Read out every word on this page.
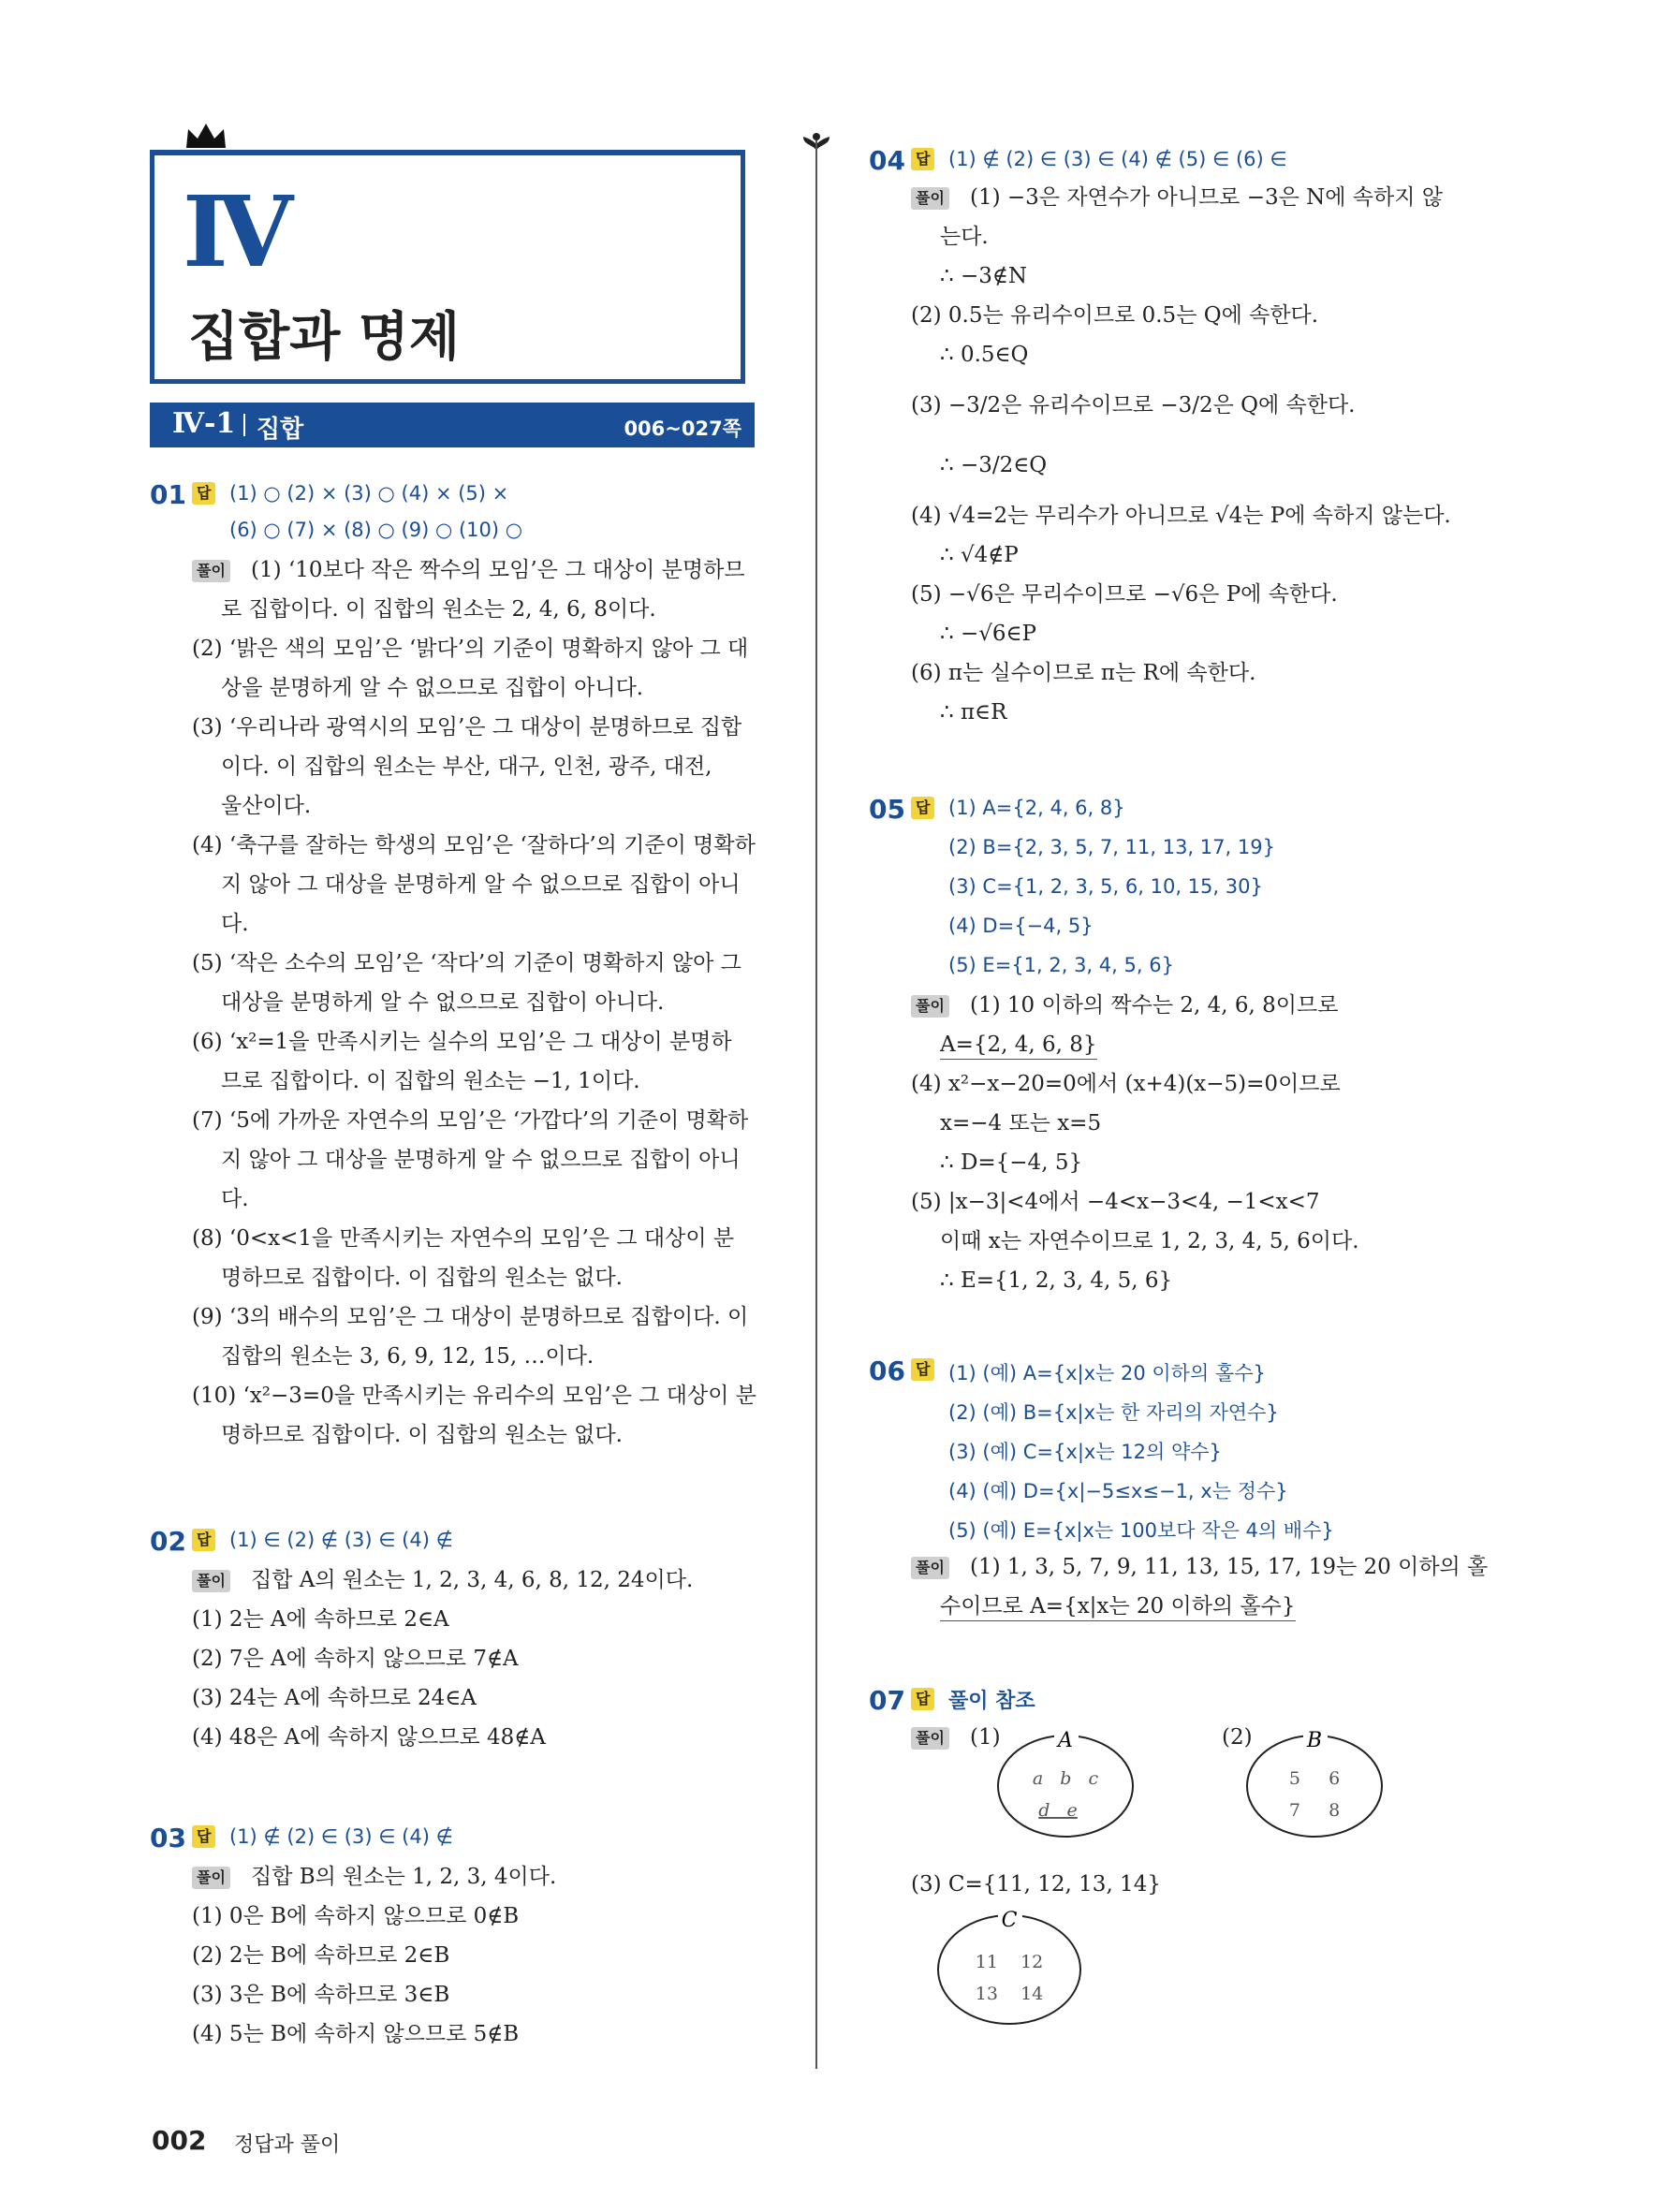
Ⅳ
집합과 명제
Ⅳ-1 집합	006~027쪽
01 답 (1) ○ (2) × (3) ○ (4) × (5) ×
(6) ○ (7) × (8) ○ (9) ○ (10) ○
풀이 (1) ‘10보다 작은 짝수의 모임’은 그 대상이 분명하므
로 집합이다. 이 집합의 원소는 2, 4, 6, 8이다.
(2) ‘밝은 색의 모임’은 ‘밝다’의 기준이 명확하지 않아 그 대
상을 분명하게 알 수 없으므로 집합이 아니다.
(3) ‘우리나라 광역시의 모임’은 그 대상이 분명하므로 집합
이다. 이 집합의 원소는 부산, 대구, 인천, 광주, 대전,
울산이다.
(4) ‘축구를 잘하는 학생의 모임’은 ‘잘하다’의 기준이 명확하
지 않아 그 대상을 분명하게 알 수 없으므로 집합이 아니
다.
(5) ‘작은 소수의 모임’은 ‘작다’의 기준이 명확하지 않아 그
대상을 분명하게 알 수 없으므로 집합이 아니다.
(6) ‘x²=1을 만족시키는 실수의 모임’은 그 대상이 분명하
므로 집합이다. 이 집합의 원소는 −1, 1이다.
(7) ‘5에 가까운 자연수의 모임’은 ‘가깝다’의 기준이 명확하
지 않아 그 대상을 분명하게 알 수 없으므로 집합이 아니
다.
(8) ‘0<x<1을 만족시키는 자연수의 모임’은 그 대상이 분
명하므로 집합이다. 이 집합의 원소는 없다.
(9) ‘3의 배수의 모임’은 그 대상이 분명하므로 집합이다. 이
집합의 원소는 3, 6, 9, 12, 15, …이다.
(10) ‘x²−3=0을 만족시키는 유리수의 모임’은 그 대상이 분
명하므로 집합이다. 이 집합의 원소는 없다.
02 답 (1) ∈ (2) ∉ (3) ∈ (4) ∉
풀이 집합 A의 원소는 1, 2, 3, 4, 6, 8, 12, 24이다.
(1) 2는 A에 속하므로 2∈A
(2) 7은 A에 속하지 않으므로 7∉A
(3) 24는 A에 속하므로 24∈A
(4) 48은 A에 속하지 않으므로 48∉A
03 답 (1) ∉ (2) ∈ (3) ∈ (4) ∉
풀이 집합 B의 원소는 1, 2, 3, 4이다.
(1) 0은 B에 속하지 않으므로 0∉B
(2) 2는 B에 속하므로 2∈B
(3) 3은 B에 속하므로 3∈B
(4) 5는 B에 속하지 않으므로 5∉B
04 답 (1) ∉ (2) ∈ (3) ∈ (4) ∉ (5) ∈ (6) ∈
풀이 (1) −3은 자연수가 아니므로 −3은 N에 속하지 않
는다.
∴ −3∉N
(2) 0.5는 유리수이므로 0.5는 Q에 속한다.
∴ 0.5∈Q
(3) −3/2은 유리수이므로 −3/2은 Q에 속한다.
∴ −3/2∈Q
(4) √4=2는 무리수가 아니므로 √4는 P에 속하지 않는다.
∴ √4∉P
(5) −√6은 무리수이므로 −√6은 P에 속한다.
∴ −√6∈P
(6) π는 실수이므로 π는 R에 속한다.
∴ π∈R
05 답 (1) A={2, 4, 6, 8}
(2) B={2, 3, 5, 7, 11, 13, 17, 19}
(3) C={1, 2, 3, 5, 6, 10, 15, 30}
(4) D={−4, 5}
(5) E={1, 2, 3, 4, 5, 6}
풀이 (1) 10 이하의 짝수는 2, 4, 6, 8이므로
A={2, 4, 6, 8}
(4) x²−x−20=0에서 (x+4)(x−5)=0이므로
x=−4 또는 x=5
∴ D={−4, 5}
(5) |x−3|<4에서 −4<x−3<4, −1<x<7
이때 x는 자연수이므로 1, 2, 3, 4, 5, 6이다.
∴ E={1, 2, 3, 4, 5, 6}
06 답 (1) (예) A={x|x는 20 이하의 홀수}
(2) (예) B={x|x는 한 자리의 자연수}
(3) (예) C={x|x는 12의 약수}
(4) (예) D={x|−5≤x≤−1, x는 정수}
(5) (예) E={x|x는 100보다 작은 4의 배수}
풀이 (1) 1, 3, 5, 7, 9, 11, 13, 15, 17, 19는 20 이하의 홀
수이므로 A={x|x는 20 이하의 홀수}
07 답 풀이 참조
풀이 (1)	(2)
A
a   b   c
d   e
B
5     6
7     8
(3) C={11, 12, 13, 14}
C
11    12
13    14
002 정답과 풀이
